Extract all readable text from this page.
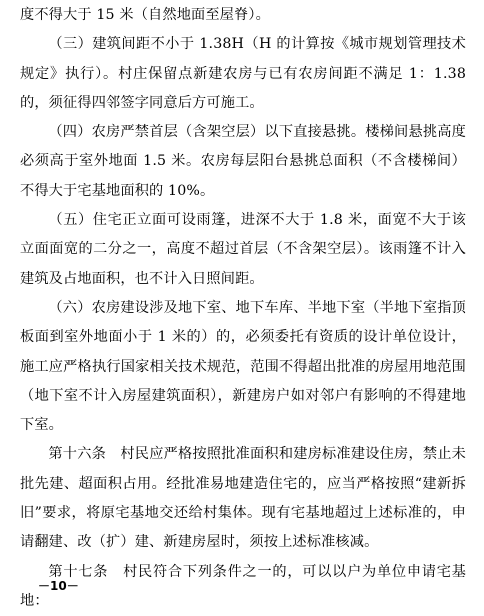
度不得大于 15 米（自然地面至屋脊）。

（三）建筑间距不小于 1.38H（H 的计算按《城市规划管理技术规定》执行）。村庄保留点新建农房与已有农房间距不满足 1：1.38 的，须征得四邻签字同意后方可施工。

（四）农房严禁首层（含架空层）以下直接悬挑。楼梯间悬挑高度必须高于室外地面 1.5 米。农房每层阳台悬挑总面积（不含楼梯间）不得大于宅基地面积的 10%。

（五）住宅正立面可设雨篷，进深不大于 1.8 米，面宽不大于该立面面宽的二分之一，高度不超过首层（不含架空层）。该雨篷不计入建筑及占地面积，也不计入日照间距。

（六）农房建设涉及地下室、地下车库、半地下室（半地下室指顶板面到室外地面小于 1 米的）的，必须委托有资质的设计单位设计，施工应严格执行国家相关技术规范，范围不得超出批准的房屋用地范围（地下室不计入房屋建筑面积），新建房户如对邻户有影响的不得建地下室。

第十六条　村民应严格按照批准面积和建房标准建设住房，禁止未批先建、超面积占用。经批准易地建造住宅的，应当严格按照“建新拆旧”要求，将原宅基地交还给村集体。现有宅基地超过上述标准的，申请翻建、改（扩）建、新建房屋时，须按上述标准核减。

第十七条　村民符合下列条件之一的，可以以户为单位申请宅基地：

－10－
